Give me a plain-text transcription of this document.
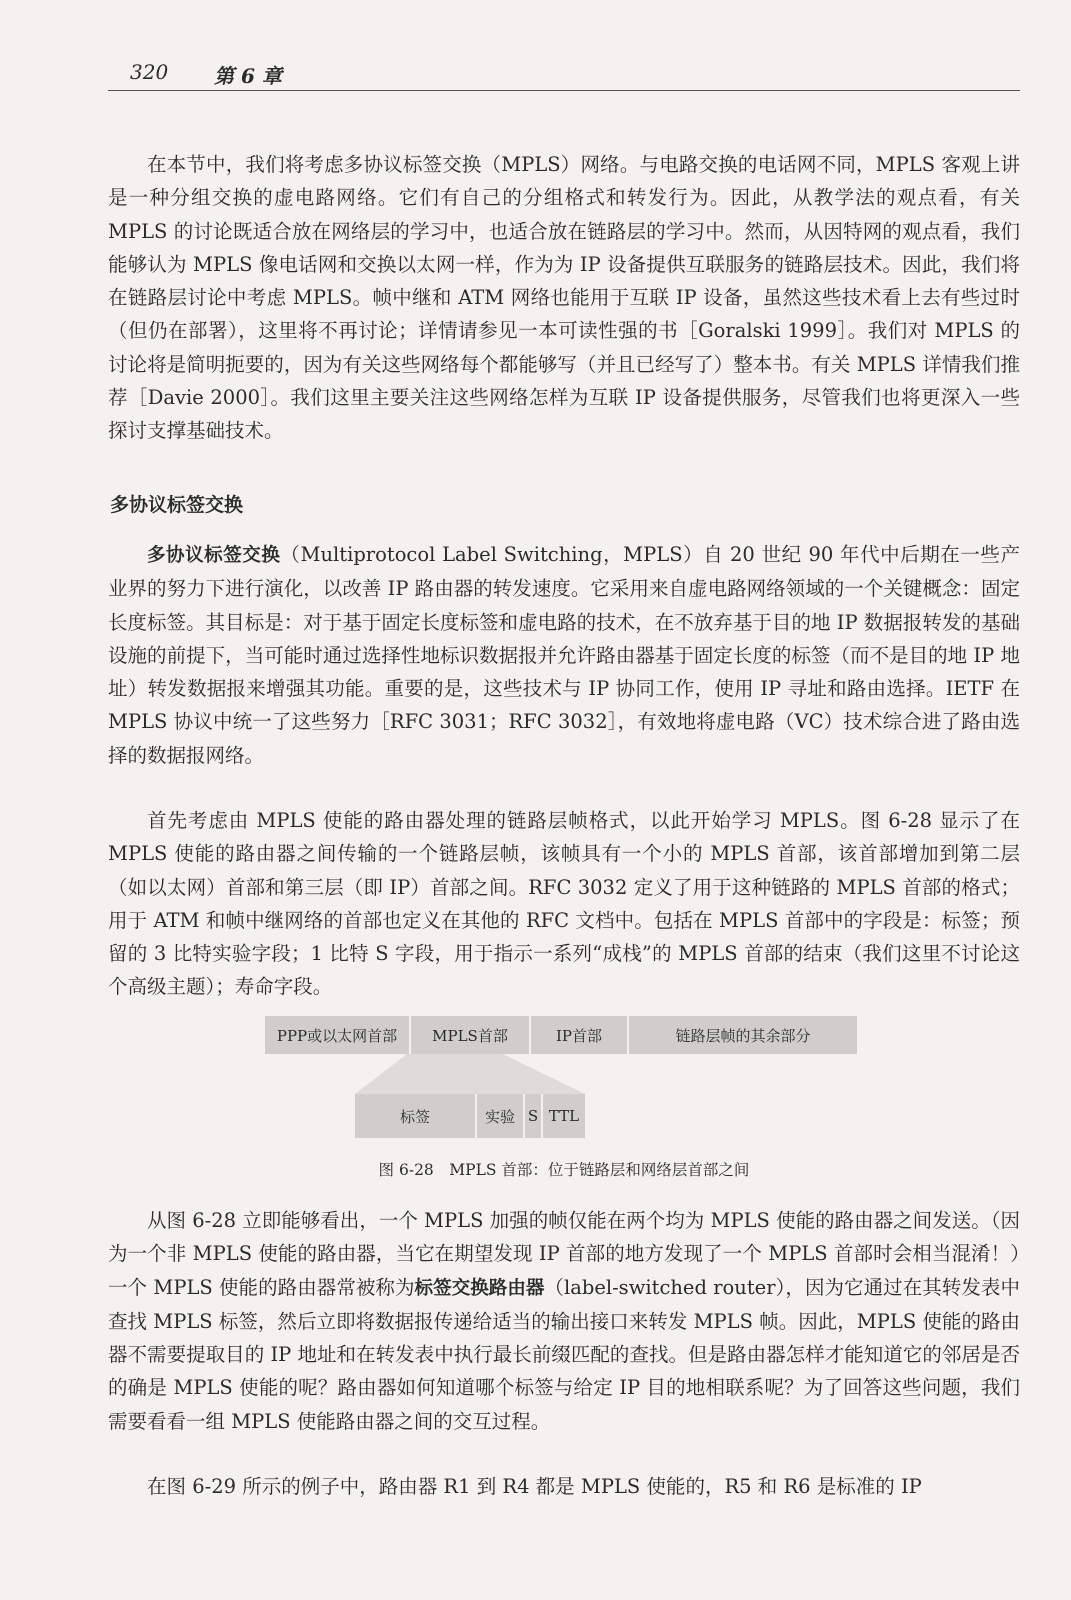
320 第 6 章

在本节中，我们将考虑多协议标签交换（MPLS）网络。与电路交换的电话网不同，MPLS 客观上讲是一种分组交换的虚电路网络。它们有自己的分组格式和转发行为。因此，从教学法的观点看，有关 MPLS 的讨论既适合放在网络层的学习中，也适合放在链路层的学习中。然而，从因特网的观点看，我们能够认为 MPLS 像电话网和交换以太网一样，作为为 IP 设备提供互联服务的链路层技术。因此，我们将在链路层讨论中考虑 MPLS。帧中继和 ATM 网络也能用于互联 IP 设备，虽然这些技术看上去有些过时（但仍在部署），这里将不再讨论；详情请参见一本可读性强的书［Goralski 1999］。我们对 MPLS 的讨论将是简明扼要的，因为有关这些网络每个都能够写（并且已经写了）整本书。有关 MPLS 详情我们推荐［Davie 2000］。我们这里主要关注这些网络怎样为互联 IP 设备提供服务，尽管我们也将更深入一些探讨支撑基础技术。

多协议标签交换

多协议标签交换（Multiprotocol Label Switching，MPLS）自 20 世纪 90 年代中后期在一些产业界的努力下进行演化，以改善 IP 路由器的转发速度。它采用来自虚电路网络领域的一个关键概念：固定长度标签。其目标是：对于基于固定长度标签和虚电路的技术，在不放弃基于目的地 IP 数据报转发的基础设施的前提下，当可能时通过选择性地标识数据报并允许路由器基于固定长度的标签（而不是目的地 IP 地址）转发数据报来增强其功能。重要的是，这些技术与 IP 协同工作，使用 IP 寻址和路由选择。IETF 在 MPLS 协议中统一了这些努力［RFC 3031；RFC 3032］，有效地将虚电路（VC）技术综合进了路由选择的数据报网络。

首先考虑由 MPLS 使能的路由器处理的链路层帧格式，以此开始学习 MPLS。图 6-28 显示了在 MPLS 使能的路由器之间传输的一个链路层帧，该帧具有一个小的 MPLS 首部，该首部增加到第二层（如以太网）首部和第三层（即 IP）首部之间。RFC 3032 定义了用于这种链路的 MPLS 首部的格式；用于 ATM 和帧中继网络的首部也定义在其他的 RFC 文档中。包括在 MPLS 首部中的字段是：标签；预留的 3 比特实验字段；1 比特 S 字段，用于指示一系列“成栈”的 MPLS 首部的结束（我们这里不讨论这个高级主题）；寿命字段。

PPP或以太网首部	MPLS首部	IP首部	链路层帧的其余部分
标签	实验 S TTL
图 6-28　MPLS 首部：位于链路层和网络层首部之间

从图 6-28 立即能够看出，一个 MPLS 加强的帧仅能在两个均为 MPLS 使能的路由器之间发送。（因为一个非 MPLS 使能的路由器，当它在期望发现 IP 首部的地方发现了一个 MPLS 首部时会相当混淆！）一个 MPLS 使能的路由器常被称为标签交换路由器（label-switched router），因为它通过在其转发表中查找 MPLS 标签，然后立即将数据报传递给适当的输出接口来转发 MPLS 帧。因此，MPLS 使能的路由器不需要提取目的 IP 地址和在转发表中执行最长前缀匹配的查找。但是路由器怎样才能知道它的邻居是否的确是 MPLS 使能的呢？路由器如何知道哪个标签与给定 IP 目的地相联系呢？为了回答这些问题，我们需要看看一组 MPLS 使能路由器之间的交互过程。

在图 6-29 所示的例子中，路由器 R1 到 R4 都是 MPLS 使能的，R5 和 R6 是标准的 IP
